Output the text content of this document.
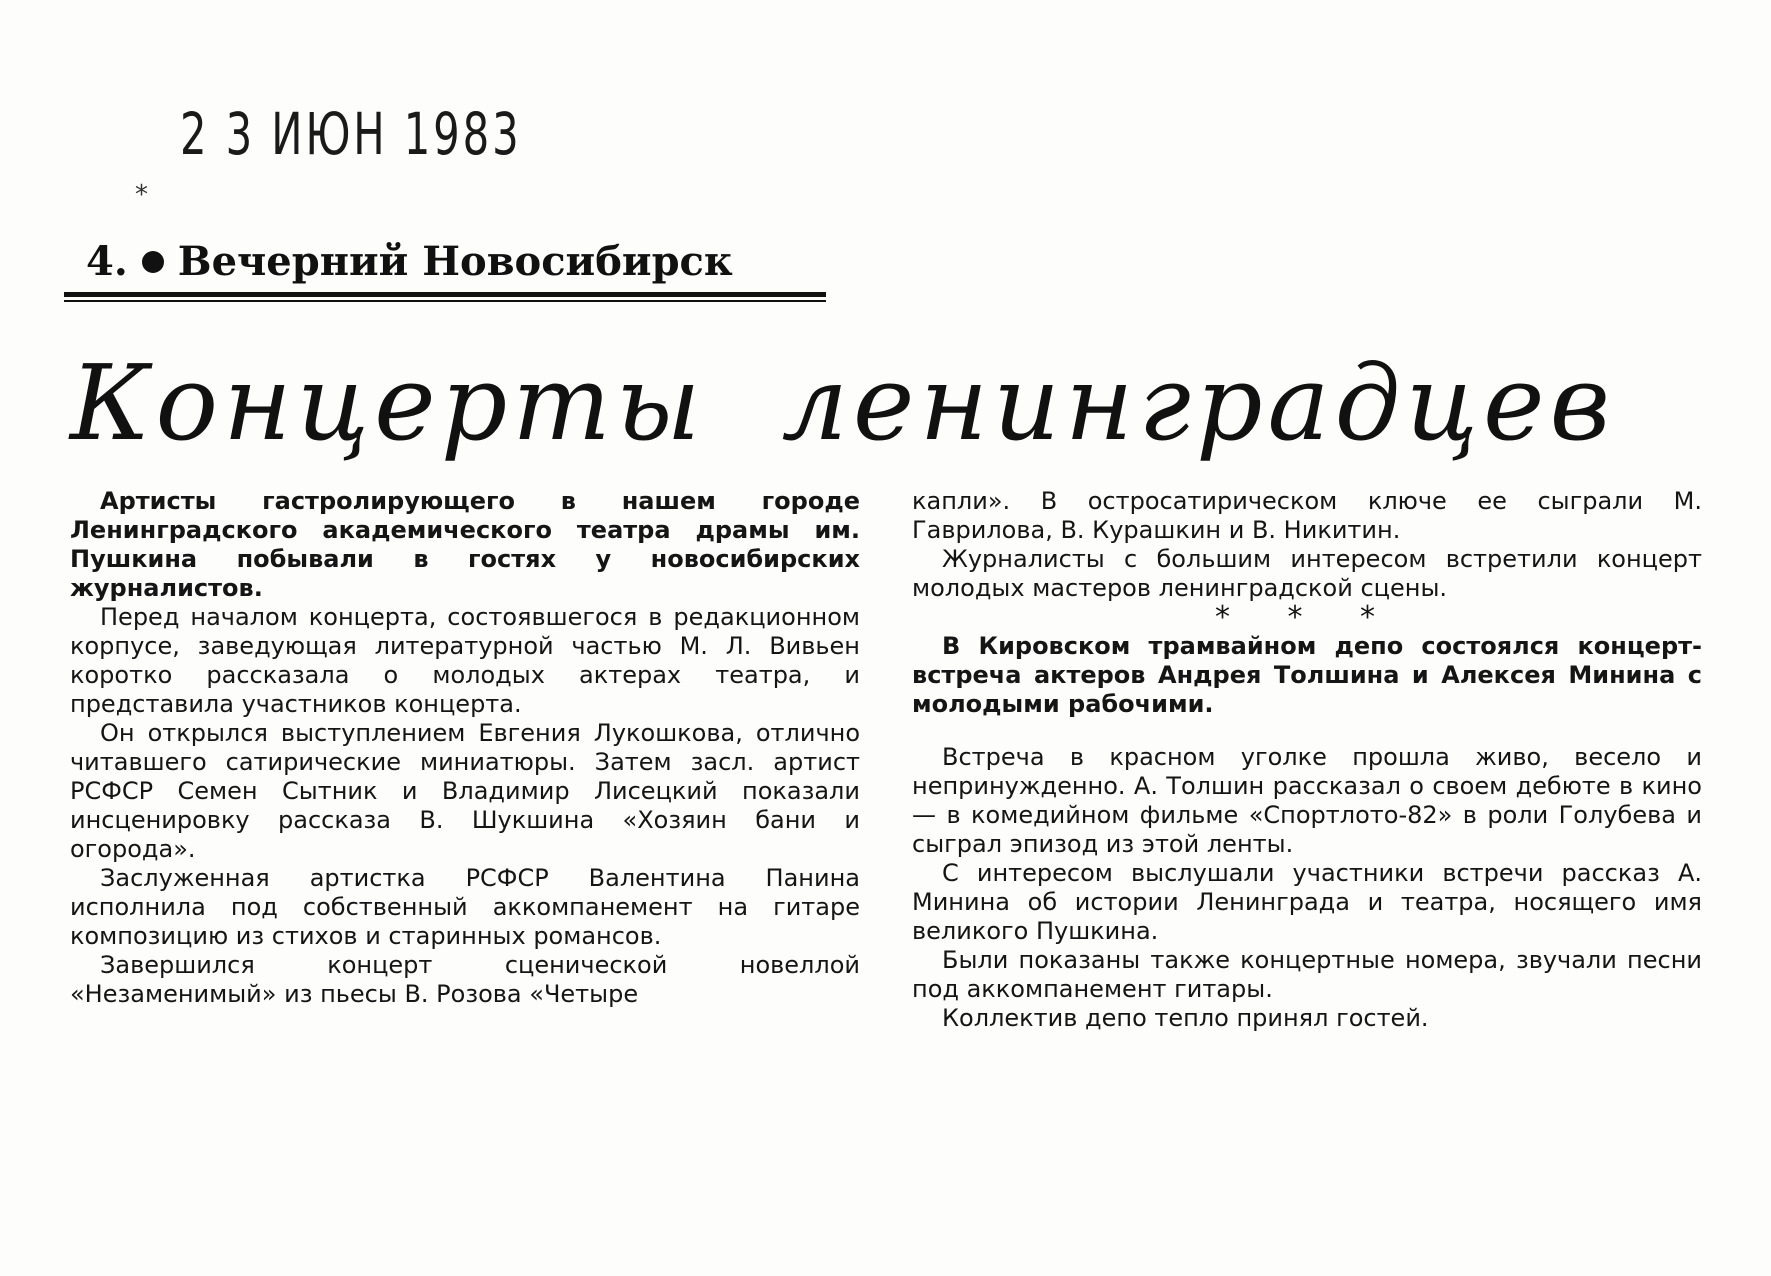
2 3 ИЮН 1983
*
4. Вечерний Новосибирск
Концерты ленинградцев

Артисты гастролирующего в нашем городе Ленинградского академического театра драмы им. Пушкина побывали в гостях у новосибирских журналистов.

Перед началом концерта, состоявшегося в редакционном корпусе, заведующая литературной частью М. Л. Вивьен коротко рассказала о молодых актерах театра, и представила участников концерта.

Он открылся выступлением Евгения Лукошкова, отлично читавшего сатирические миниатюры. Затем засл. артист РСФСР Семен Сытник и Владимир Лисецкий показали инсценировку рассказа В. Шукшина «Хозяин бани и огорода».

Заслуженная артистка РСФСР Валентина Панина исполнила под собственный аккомпанемент на гитаре композицию из стихов и старинных романсов.

Завершился концерт сценической новеллой «Незаменимый» из пьесы В. Розова «Четыре

капли». В остросатирическом ключе ее сыграли М. Гаврилова, В. Курашкин и В. Никитин.

Журналисты с большим интересом встретили концерт молодых мастеров ленинградской сцены.

* * *

В Кировском трамвайном депо состоялся концерт-встреча актеров Андрея Толшина и Алексея Минина с молодыми рабочими.

Встреча в красном уголке прошла живо, весело и непринужденно. А. Толшин рассказал о своем дебюте в кино — в комедийном фильме «Спортлото-82» в роли Голубева и сыграл эпизод из этой ленты.

С интересом выслушали участники встречи рассказ А. Минина об истории Ленинграда и театра, носящего имя великого Пушкина.

Были показаны также концертные номера, звучали песни под аккомпанемент гитары.

Коллектив депо тепло принял гостей.
